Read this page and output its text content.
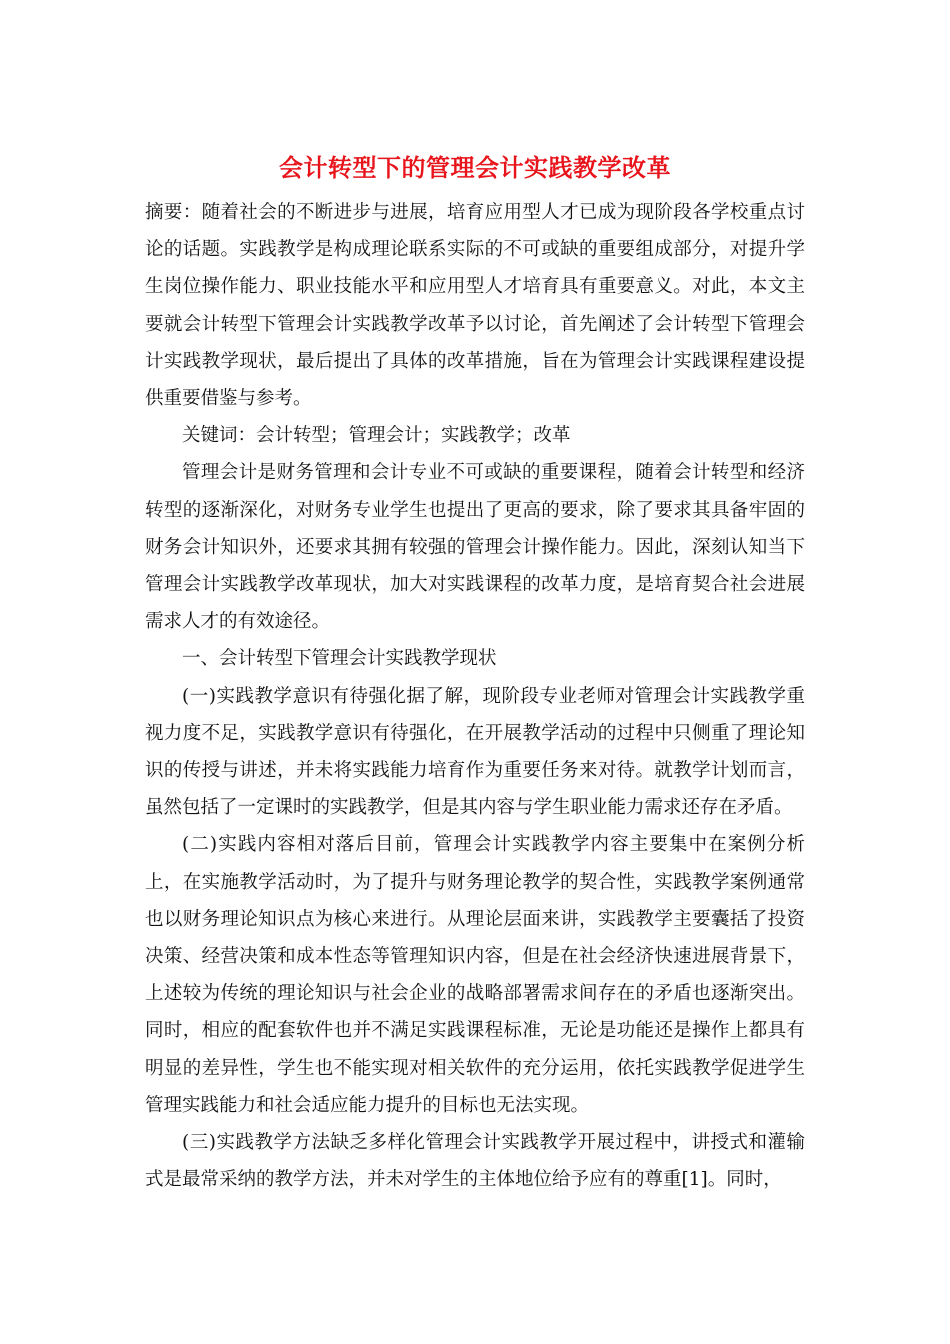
会计转型下的管理会计实践教学改革

摘要：随着社会的不断进步与进展，培育应用型人才已成为现阶段各学校重点讨论的话题。实践教学是构成理论联系实际的不可或缺的重要组成部分，对提升学生岗位操作能力、职业技能水平和应用型人才培育具有重要意义。对此，本文主要就会计转型下管理会计实践教学改革予以讨论，首先阐述了会计转型下管理会计实践教学现状，最后提出了具体的改革措施，旨在为管理会计实践课程建设提供重要借鉴与参考。

关键词：会计转型；管理会计；实践教学；改革

管理会计是财务管理和会计专业不可或缺的重要课程，随着会计转型和经济转型的逐渐深化，对财务专业学生也提出了更高的要求，除了要求其具备牢固的财务会计知识外，还要求其拥有较强的管理会计操作能力。因此，深刻认知当下管理会计实践教学改革现状，加大对实践课程的改革力度，是培育契合社会进展需求人才的有效途径。

一、会计转型下管理会计实践教学现状

(一)实践教学意识有待强化据了解，现阶段专业老师对管理会计实践教学重视力度不足，实践教学意识有待强化，在开展教学活动的过程中只侧重了理论知识的传授与讲述，并未将实践能力培育作为重要任务来对待。就教学计划而言，虽然包括了一定课时的实践教学，但是其内容与学生职业能力需求还存在矛盾。

(二)实践内容相对落后目前，管理会计实践教学内容主要集中在案例分析上，在实施教学活动时，为了提升与财务理论教学的契合性，实践教学案例通常也以财务理论知识点为核心来进行。从理论层面来讲，实践教学主要囊括了投资决策、经营决策和成本性态等管理知识内容，但是在社会经济快速进展背景下，上述较为传统的理论知识与社会企业的战略部署需求间存在的矛盾也逐渐突出。同时，相应的配套软件也并不满足实践课程标准，无论是功能还是操作上都具有明显的差异性，学生也不能实现对相关软件的充分运用，依托实践教学促进学生管理实践能力和社会适应能力提升的目标也无法实现。

(三)实践教学方法缺乏多样化管理会计实践教学开展过程中，讲授式和灌输式是最常采纳的教学方法，并未对学生的主体地位给予应有的尊重[1]。同时，
